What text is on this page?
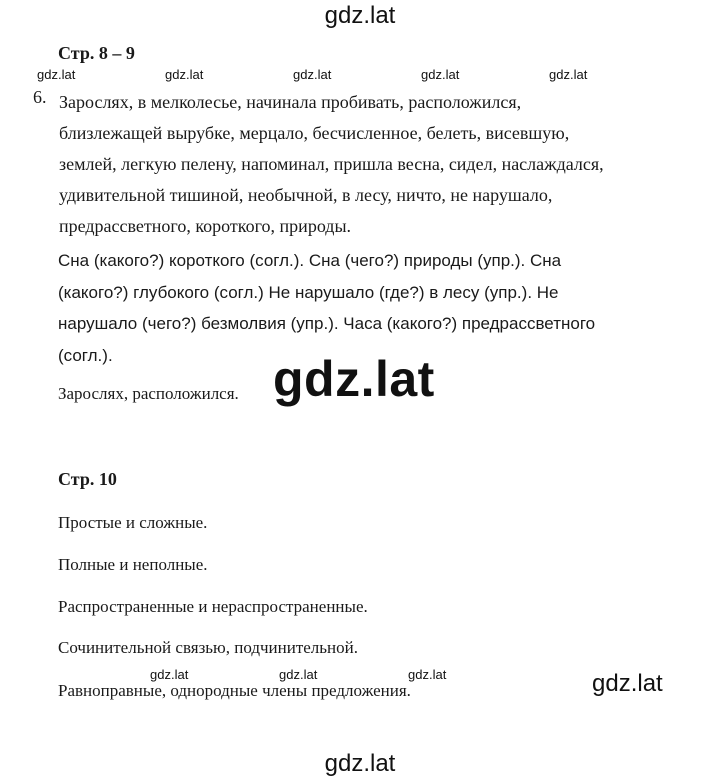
gdz.lat
gdz.lat	gdz.lat	gdz.lat	gdz.lat	gdz.lat
Стр. 8 – 9
6. Зарослях, в мелколесье, начинала пробивать, расположился,
близлежащей вырубке, мерцало, бесчисленное, белеть, висевшую,
землей, легкую пелену, напоминал, пришла весна, сидел, наслаждался,
удивительной тишиной, необычной, в лесу, ничто, не нарушало,
предрассветного, короткого, природы.
Сна (какого?) короткого (согл.). Сна (чего?) природы (упр.). Сна
(какого?) глубокого (согл.) Не нарушало (где?) в лесу (упр.). Не
нарушало (чего?) безмолвия (упр.). Часа (какого?) предрассветного
(согл.).
Зарослях, расположился. gdz.lat
Стр. 10
Простые и сложные.
Полные и неполные.
Распространенные и нераспространенные.
Сочинительной связью, подчинительной.
gdz.lat	gdz.lat	gdz.lat
Равноправные, однородные члены предложения.	gdz.lat
gdz.lat
